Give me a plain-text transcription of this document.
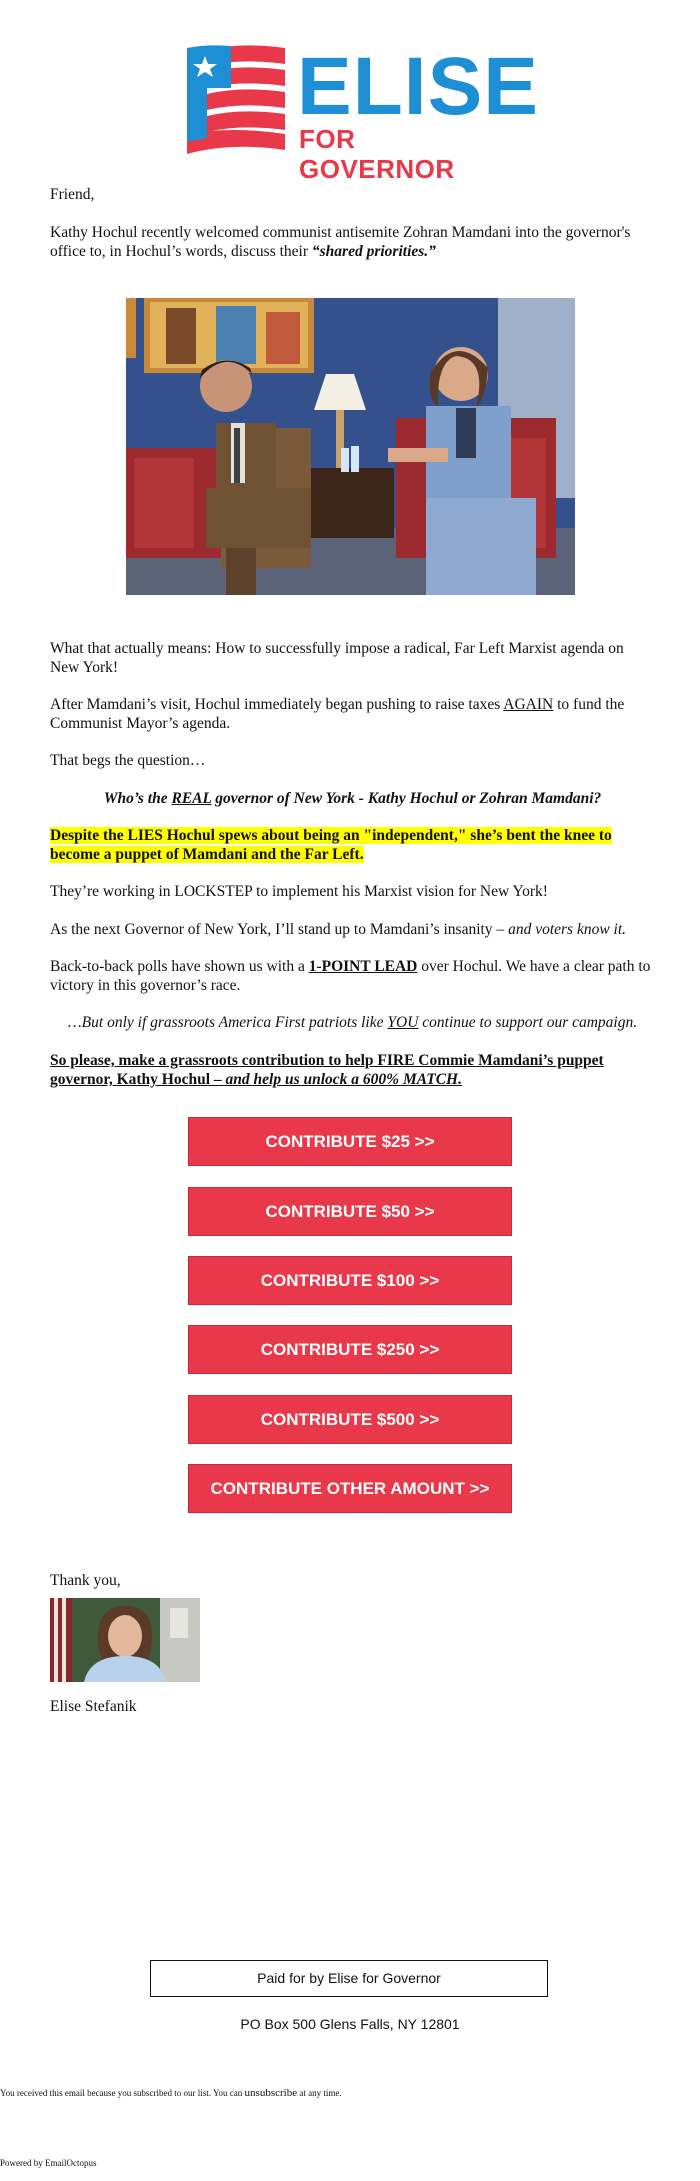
ELISE
FOR GOVERNOR

Friend,

Kathy Hochul recently welcomed communist antisemite Zohran Mamdani into the governor's office to, in Hochul’s words, discuss their “shared priorities.”

What that actually means: How to successfully impose a radical, Far Left Marxist agenda on New York!

After Mamdani’s visit, Hochul immediately began pushing to raise taxes AGAIN to fund the Communist Mayor’s agenda.

That begs the question…

Who’s the REAL governor of New York - Kathy Hochul or Zohran Mamdani?

Despite the LIES Hochul spews about being an "independent," she’s bent the knee to become a puppet of Mamdani and the Far Left.

They’re working in LOCKSTEP to implement his Marxist vision for New York!

As the next Governor of New York, I’ll stand up to Mamdani’s insanity – and voters know it.

Back-to-back polls have shown us with a 1-POINT LEAD over Hochul. We have a clear path to victory in this governor’s race.

…But only if grassroots America First patriots like YOU continue to support our campaign.

So please, make a grassroots contribution to help FIRE Commie Mamdani’s puppet governor, Kathy Hochul – and help us unlock a 600% MATCH.

CONTRIBUTE $25 >>
CONTRIBUTE $50 >>
CONTRIBUTE $100 >>
CONTRIBUTE $250 >>
CONTRIBUTE $500 >>
CONTRIBUTE OTHER AMOUNT >>

Thank you,

Elise Stefanik

Paid for by Elise for Governor
PO Box 500 Glens Falls, NY 12801
You received this email because you subscribed to our list. You can unsubscribe at any time.
Powered by EmailOctopus
